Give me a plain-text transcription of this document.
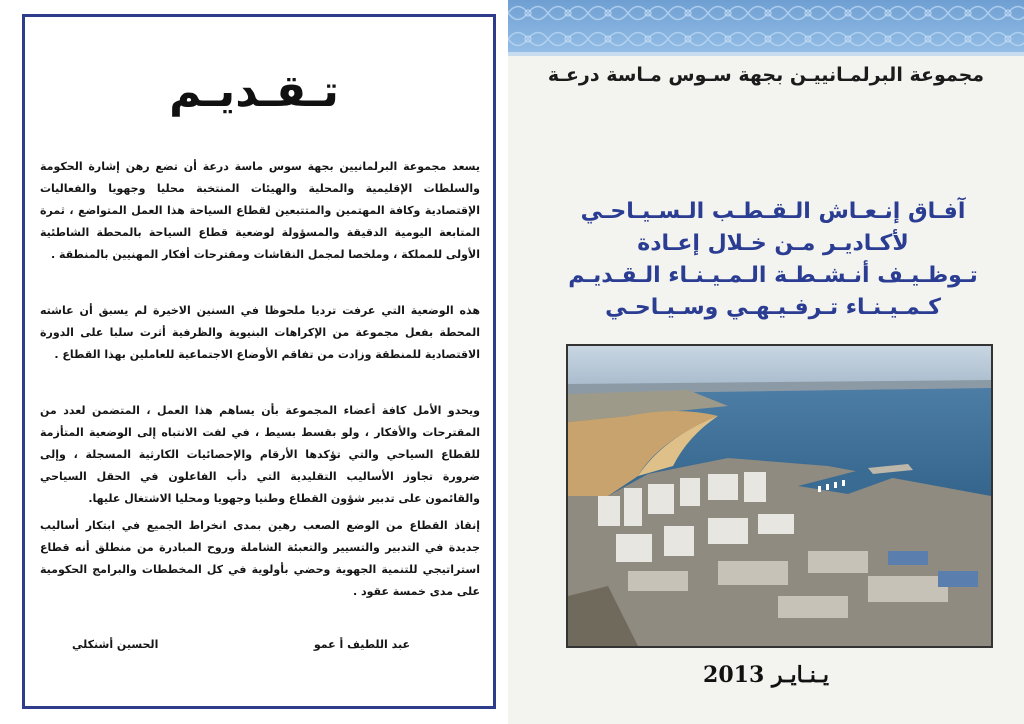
تـقـديـم

يسعد مجموعة البرلمانيين بجهة سوس ماسة درعة أن تضع رهن إشارة الحكومة والسلطات الإقليمية والمحلية والهيئات المنتخبة محليا وجهويا والفعاليات الإقتصادية وكافة المهتمين والمتتبعين لقطاع السياحة هذا العمل المتواضع ، ثمرة المتابعة اليومية الدقيقة والمسؤولة لوضعية قطاع السياحة بالمحطة الشاطئية الأولى للمملكة ، وملخصا لمجمل النقاشات ومقترحات أفكار المهنيين بالمنطقة .

هذه الوضعية التي عرفت ترديا ملحوظا في السنين الاخيرة لم يسبق أن عاشته المحطة بفعل مجموعة من الإكراهات البنيوية والظرفية أثرت سلبا على الدورة الاقتصادية للمنطقة وزادت من تفاقم الأوضاع الاجتماعية للعاملين بهذا القطاع .

ويحدو الأمل كافة أعضاء المجموعة بأن يساهم هذا العمل ، المتضمن لعدد من المقترحات والأفكار ، ولو بقسط بسيط ، في لفت الانتباه إلى الوضعية المتأزمة للقطاع السياحي والتي تؤكدها الأرقام والإحصائيات الكارثية المسجلة ، وإلى ضرورة تجاوز الأساليب التقليدية التي دأب الفاعلون في الحقل السياحي والقائمون على تدبير شؤون القطاع وطنيا وجهويا ومحليا الاشتغال عليها.

إنقاذ القطاع من الوضع الصعب رهين بمدى انخراط الجميع في ابتكار أساليب جديدة في التدبير والتسيير والتعبئة الشاملة وروح المبادرة من منطلق أنه قطاع استراتيجي للتنمية الجهوية وحضي بأولوية في كل المخططات والبرامج الحكومية على مدى خمسة عقود .

عبد اللطيف أ عمو
الحسين أشنكلي
مجموعة البرلمـانييـن بجهة سـوس مـاسة درعـة
آفـاق إنـعـاش الـقـطـب الـسـيـاحـي
لأكـاديـر مـن خـلال إعـادة
تـوظـيـف أنـشـطـة الـمـيـنـاء الـقـديـم
كـمـيـنـاء تـرفـيـهـي وسـيـاحـي
يـنـايـر 2013
